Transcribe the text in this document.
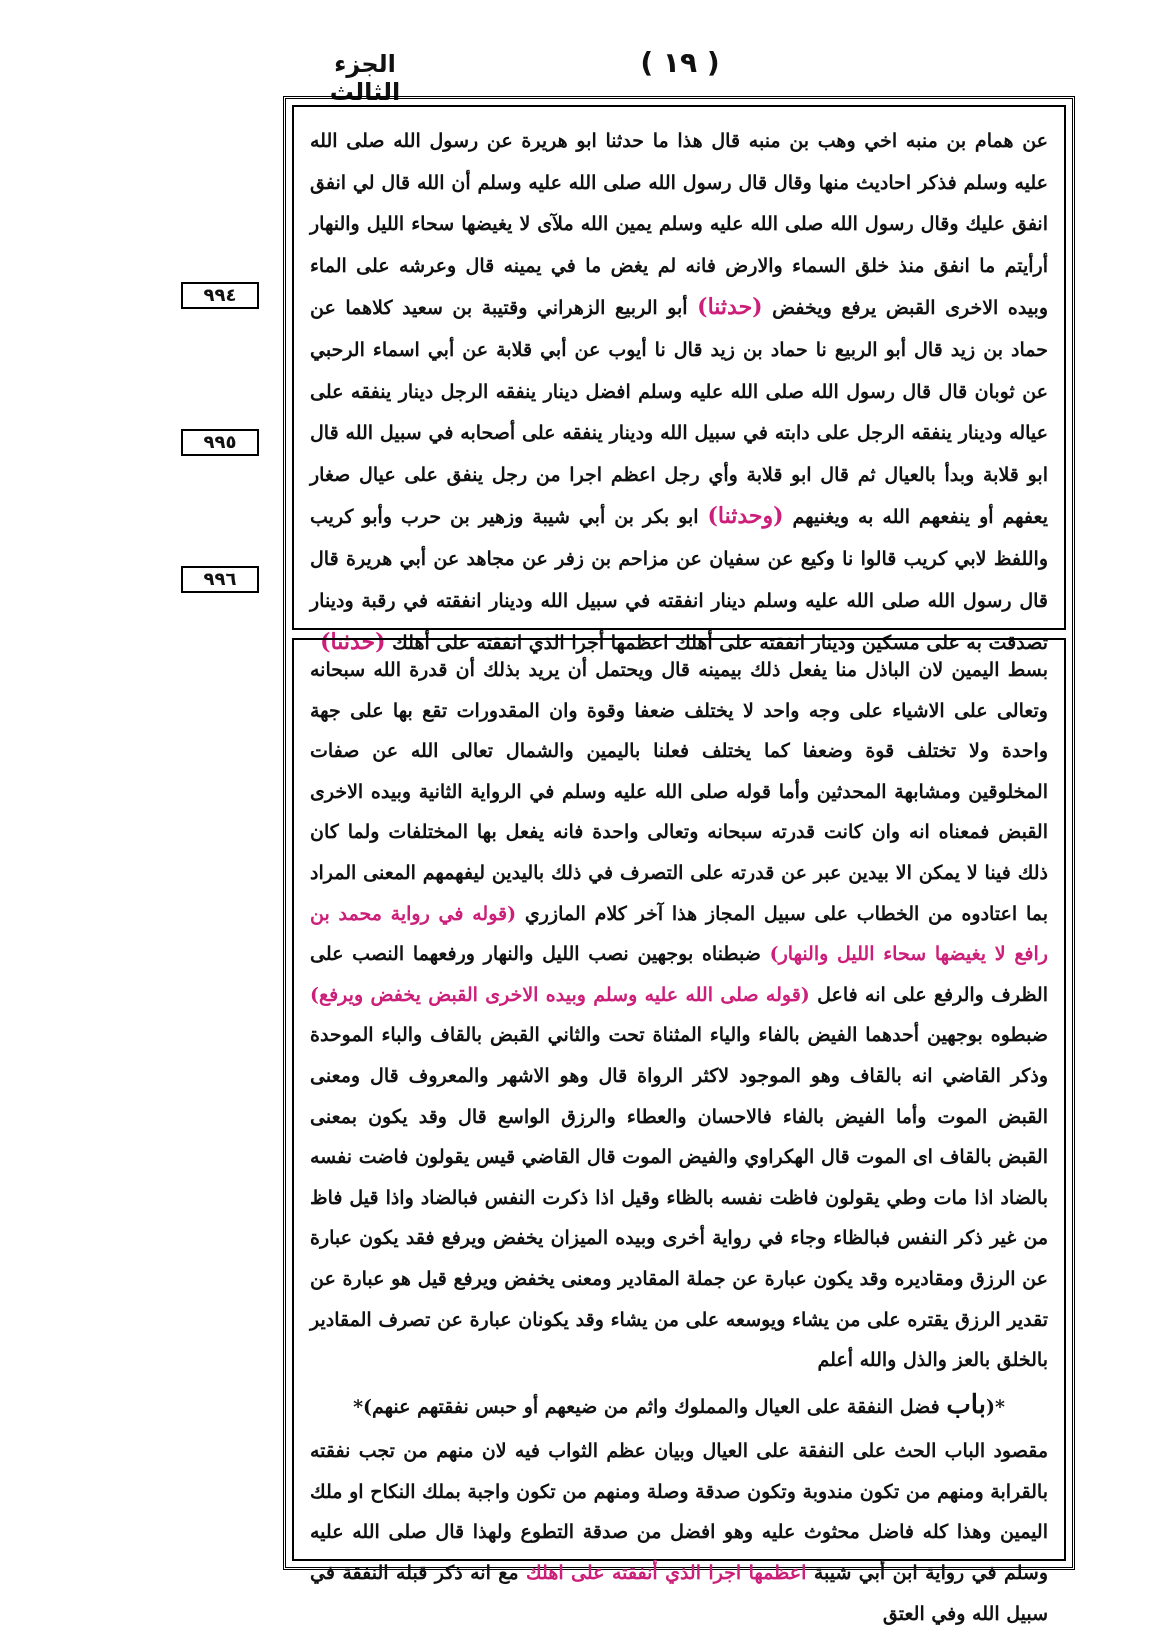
الجزء الثالث
( ١٩ )
٩٩٤
٩٩٥
٩٩٦

عن همام بن منبه اخي وهب بن منبه قال هذا ما حدثنا ابو هريرة عن رسول الله صلى الله عليه وسلم فذكر احاديث منها وقال قال رسول الله صلى الله عليه وسلم أن الله قال لي انفق انفق عليك وقال رسول الله صلى الله عليه وسلم يمين الله ملآى لا يغيضها سحاء الليل والنهار أرأيتم ما انفق منذ خلق السماء والارض فانه لم يغض ما في يمينه قال وعرشه على الماء وبيده الاخرى القبض يرفع ويخفض (حدثنا) أبو الربيع الزهراني وقتيبة بن سعيد كلاهما عن حماد بن زيد قال أبو الربيع نا حماد بن زيد قال نا أيوب عن أبي قلابة عن أبي اسماء الرحبي عن ثوبان قال قال رسول الله صلى الله عليه وسلم افضل دينار ينفقه الرجل دينار ينفقه على عياله ودينار ينفقه الرجل على دابته في سبيل الله ودينار ينفقه على أصحابه في سبيل الله قال ابو قلابة وبدأ بالعيال ثم قال ابو قلابة وأي رجل اعظم اجرا من رجل ينفق على عيال صغار يعفهم أو ينفعهم الله به ويغنيهم (وحدثنا) ابو بكر بن أبي شيبة وزهير بن حرب وأبو كريب واللفظ لابي كريب قالوا نا وكيع عن سفيان عن مزاحم بن زفر عن مجاهد عن أبي هريرة قال قال رسول الله صلى الله عليه وسلم دينار انفقته في سبيل الله ودينار انفقته في رقبة ودينار تصدقت به على مسكين ودينار انفقته على أهلك اعظمها أجرا الذي انفقته على أهلك (حدثنا)

بسط اليمين لان الباذل منا يفعل ذلك بيمينه قال ويحتمل أن يريد بذلك أن قدرة الله سبحانه وتعالى على الاشياء على وجه واحد لا يختلف ضعفا وقوة وان المقدورات تقع بها على جهة واحدة ولا تختلف قوة وضعفا كما يختلف فعلنا باليمين والشمال تعالى الله عن صفات المخلوقين ومشابهة المحدثين وأما قوله صلى الله عليه وسلم في الرواية الثانية وبيده الاخرى القبض فمعناه انه وان كانت قدرته سبحانه وتعالى واحدة فانه يفعل بها المختلفات ولما كان ذلك فينا لا يمكن الا بيدين عبر عن قدرته على التصرف في ذلك باليدين ليفهمهم المعنى المراد بما اعتادوه من الخطاب على سبيل المجاز هذا آخر كلام المازري (قوله في رواية محمد بن رافع لا يغيضها سحاء الليل والنهار) ضبطناه بوجهين نصب الليل والنهار ورفعهما النصب على الظرف والرفع على انه فاعل (قوله صلى الله عليه وسلم وبيده الاخرى القبض يخفض ويرفع) ضبطوه بوجهين أحدهما الفيض بالفاء والياء المثناة تحت والثاني القبض بالقاف والباء الموحدة وذكر القاضي انه بالقاف وهو الموجود لاكثر الرواة قال وهو الاشهر والمعروف قال ومعنى القبض الموت وأما الفيض بالفاء فالاحسان والعطاء والرزق الواسع قال وقد يكون بمعنى القبض بالقاف اى الموت قال الهكراوي والفيض الموت قال القاضي قيس يقولون فاضت نفسه بالضاد اذا مات وطي يقولون فاظت نفسه بالظاء وقيل اذا ذكرت النفس فبالضاد واذا قيل فاظ من غير ذكر النفس فبالظاء وجاء في رواية أخرى وبيده الميزان يخفض ويرفع فقد يكون عبارة عن الرزق ومقاديره وقد يكون عبارة عن جملة المقادير ومعنى يخفض ويرفع قيل هو عبارة عن تقدير الرزق يقتره على من يشاء ويوسعه على من يشاء وقد يكونان عبارة عن تصرف المقادير بالخلق بالعز والذل والله أعلم

*(باب فضل النفقة على العيال والمملوك واثم من ضيعهم أو حبس نفقتهم عنهم)*

مقصود الباب الحث على النفقة على العيال وبيان عظم الثواب فيه لان منهم من تجب نفقته بالقرابة ومنهم من تكون مندوبة وتكون صدقة وصلة ومنهم من تكون واجبة بملك النكاح او ملك اليمين وهذا كله فاضل محثوث عليه وهو افضل من صدقة التطوع ولهذا قال صلى الله عليه وسلم في رواية ابن أبي شيبة اعظمها اجرا الذي أنفقته على اهلك مع انه ذكر قبله النفقة في سبيل الله وفي العتق
